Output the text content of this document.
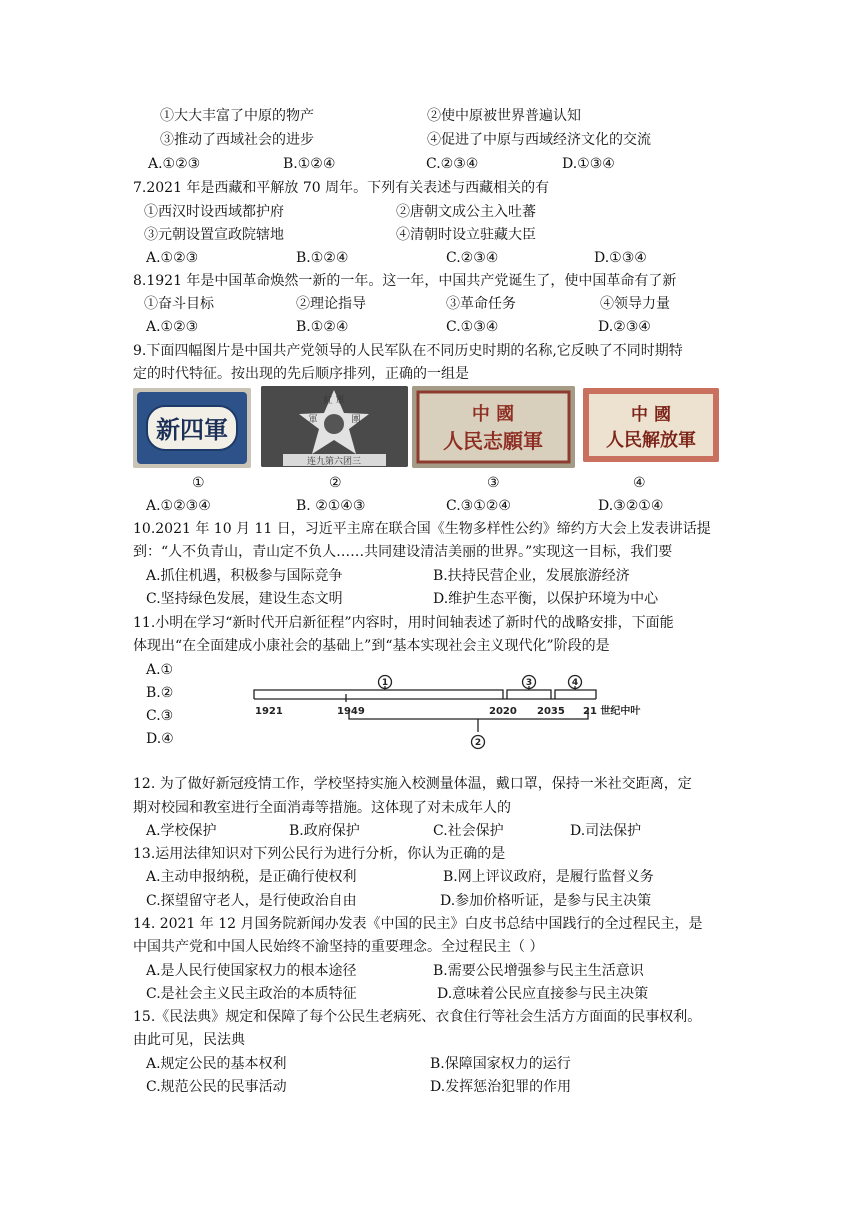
①大大丰富了中原的物产	②使中原被世界普遍认知
③推动了西域社会的进步	④促进了中原与西域经济文化的交流
A.①②③	B.①②④	C.②③④	D.①③④
7.2021 年是西藏和平解放 70 周年。下列有关表述与西藏相关的有
①西汉时设西域都护府	②唐朝文成公主入吐蕃
③元朝设置宣政院辖地	④清朝时设立驻藏大臣
A.①②③	B.①②④	C.②③④	D.①③④
8.1921 年是中国革命焕然一新的一年。这一年，中国共产党诞生了，使中国革命有了新
①奋斗目标	②理论指导	③革命任务	④领导力量
A.①②③	B.①②④	C.①③④	D.②③④
9.下面四幅图片是中国共产党领导的人民军队在不同历史时期的名称,它反映了不同时期特
定的时代特征。按出现的先后顺序排列，正确的一组是
新四軍
紅 軍
軍	團
连九第六团三
中 國
人民志願軍
中 國
人民解放軍
①	②	③	④
A.①②③④	B. ②①④③	C.③①②④	D.③②①④
10.2021 年 10 月 11 日，习近平主席在联合国《生物多样性公约》缔约方大会上发表讲话提
到：“人不负青山，青山定不负人……共同建设清洁美丽的世界。”实现这一目标，我们要
A.抓住机遇，积极参与国际竞争	B.扶持民营企业，发展旅游经济
C.坚持绿色发展，建设生态文明	D.维护生态平衡，以保护环境为中心
11.小明在学习“新时代开启新征程”内容时，用时间轴表述了新时代的战略安排，下面能
体现出“在全面建成小康社会的基础上”到“基本实现社会主义现代化”阶段的是
A.①
B.②
C.③
D.④
1	3	4
2
1921	1949	2020 2035 21 世纪中叶
12. 为了做好新冠疫情工作，学校坚持实施入校测量体温，戴口罩，保持一米社交距离，定
期对校园和教室进行全面消毒等措施。这体现了对未成年人的
A.学校保护	B.政府保护	C.社会保护	D.司法保护
13.运用法律知识对下列公民行为进行分析，你认为正确的是
A.主动申报纳税，是正确行使权利	B.网上评议政府，是履行监督义务
C.探望留守老人，是行使政治自由	D.参加价格听证，是参与民主决策
14. 2021 年 12 月国务院新闻办发表《中国的民主》白皮书总结中国践行的全过程民主，是
中国共产党和中国人民始终不渝坚持的重要理念。全过程民主（ ）
A.是人民行使国家权力的根本途径	B.需要公民增强参与民主生活意识
C.是社会主义民主政治的本质特征	D.意味着公民应直接参与民主决策
15.《民法典》规定和保障了每个公民生老病死、衣食住行等社会生活方方面面的民事权利。
由此可见，民法典
A.规定公民的基本权利	B.保障国家权力的运行
C.规范公民的民事活动	D.发挥惩治犯罪的作用
